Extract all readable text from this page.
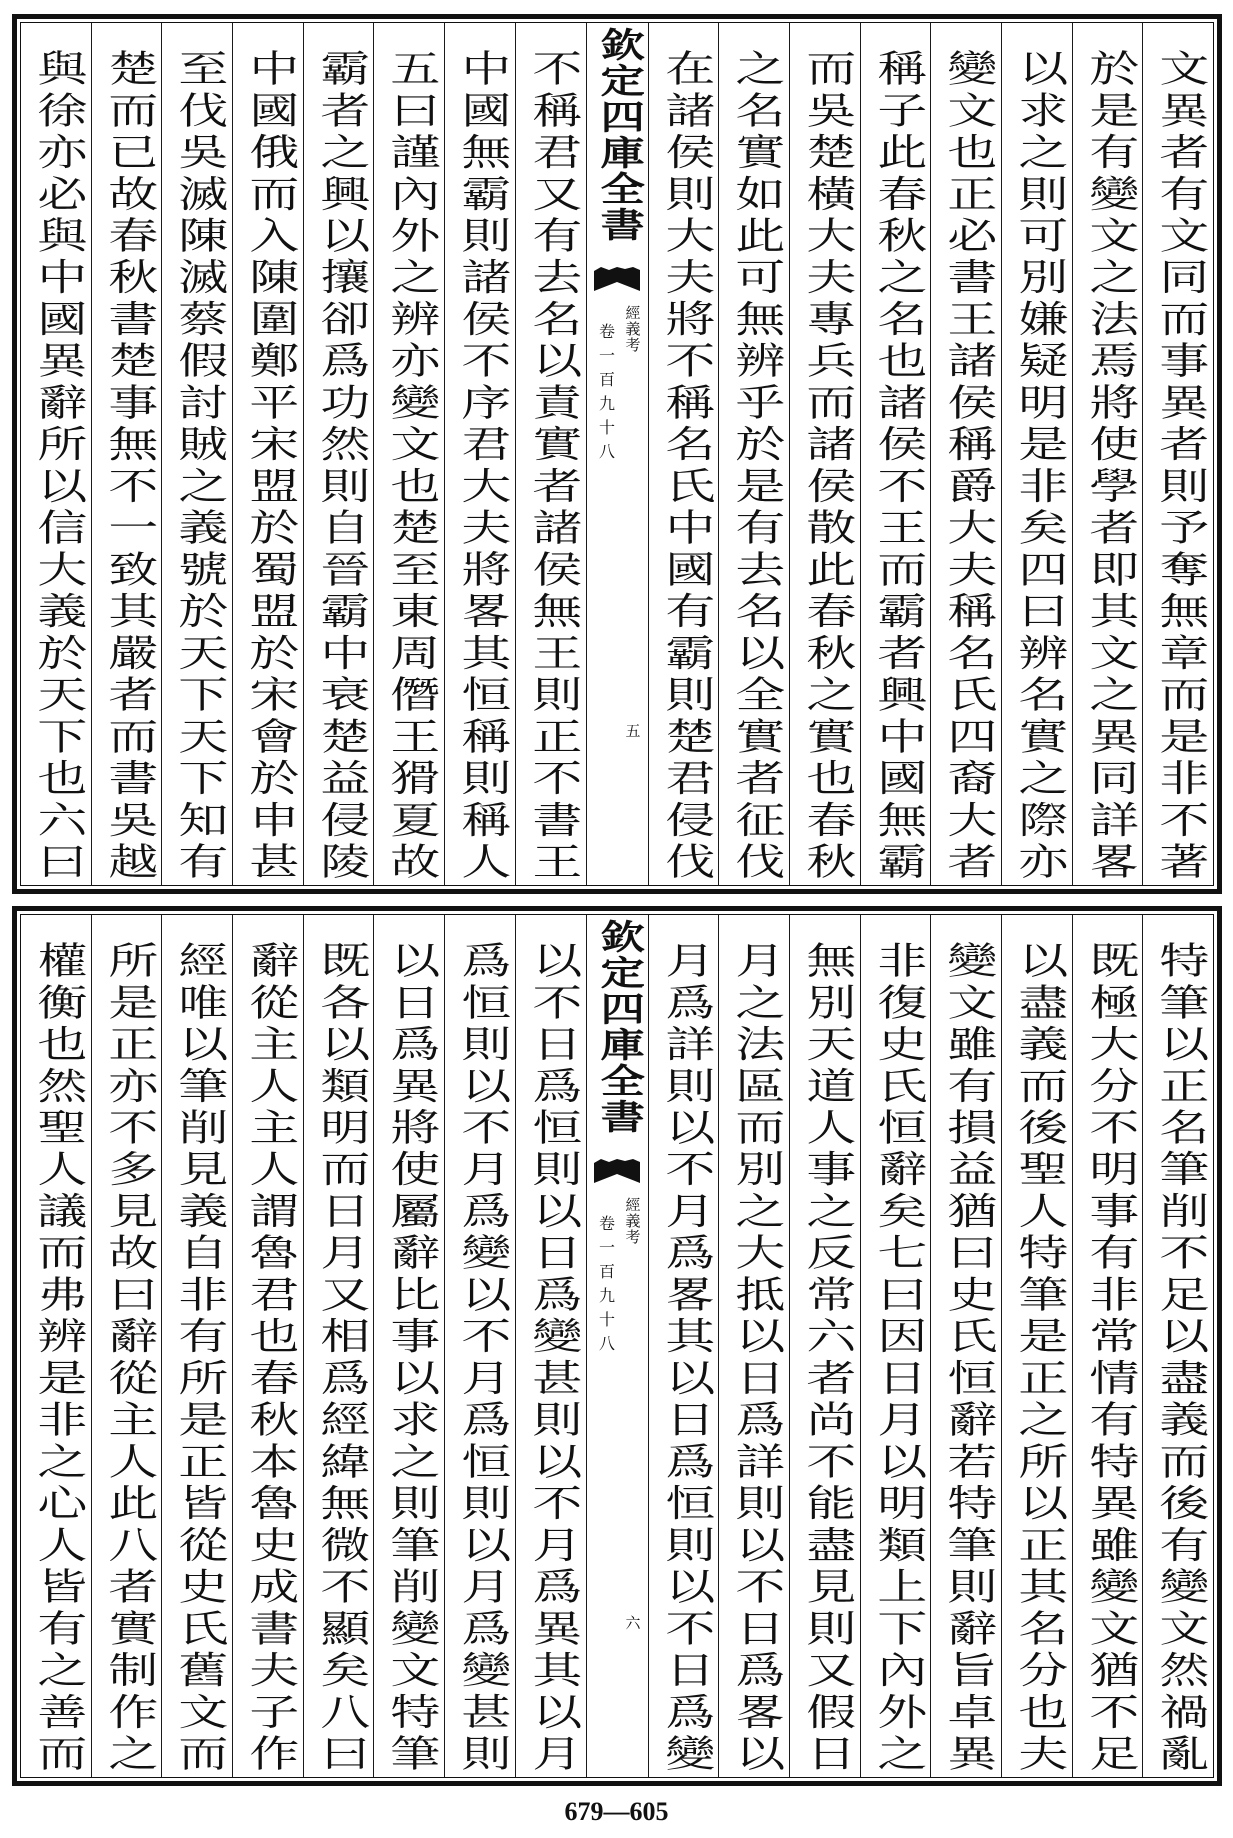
文異者有文同而事異者則予奪無章而是非不著
於是有變文之法焉將使學者即其文之異同詳畧
以求之則可別嫌疑明是非矣四曰辨名實之際亦
變文也正必書王諸侯稱爵大夫稱名氏四裔大者
稱子此春秋之名也諸侯不王而霸者興中國無霸
而吳楚橫大夫專兵而諸侯散此春秋之實也春秋
之名實如此可無辨乎於是有去名以全實者征伐
在諸侯則大夫將不稱名氏中國有霸則楚君侵伐
欽定四庫全書
經義考
卷一百九十八
五
不稱君又有去名以責實者諸侯無王則正不書王
中國無霸則諸侯不序君大夫將畧其恒稱則稱人
五曰謹內外之辨亦變文也楚至東周僭王猾夏故
霸者之興以攘卻爲功然則自晉霸中衰楚益侵陵
中國俄而入陳圍鄭平宋盟於蜀盟於宋會於申甚
至伐吳滅陳滅蔡假討賊之義號於天下天下知有
楚而已故春秋書楚事無不一致其嚴者而書吳越
與徐亦必與中國異辭所以信大義於天下也六曰
特筆以正名筆削不足以盡義而後有變文然禍亂
既極大分不明事有非常情有特異雖變文猶不足
以盡義而後聖人特筆是正之所以正其名分也夫
變文雖有損益猶曰史氏恒辭若特筆則辭旨卓異
非復史氏恒辭矣七曰因日月以明類上下內外之
無別天道人事之反常六者尚不能盡見則又假日
月之法區而別之大抵以日爲詳則以不日爲畧以
月爲詳則以不月爲畧其以日爲恒則以不日爲變
欽定四庫全書
經義考
卷一百九十八
六
以不日爲恒則以日爲變甚則以不月爲異其以月
爲恒則以不月爲變以不月爲恒則以月爲變甚則
以日爲異將使屬辭比事以求之則筆削變文特筆
既各以類明而日月又相爲經緯無微不顯矣八曰
辭從主人主人謂魯君也春秋本魯史成書夫子作
經唯以筆削見義自非有所是正皆從史氏舊文而
所是正亦不多見故曰辭從主人此八者實制作之
權衡也然聖人議而弗辨是非之心人皆有之善而
679—605
